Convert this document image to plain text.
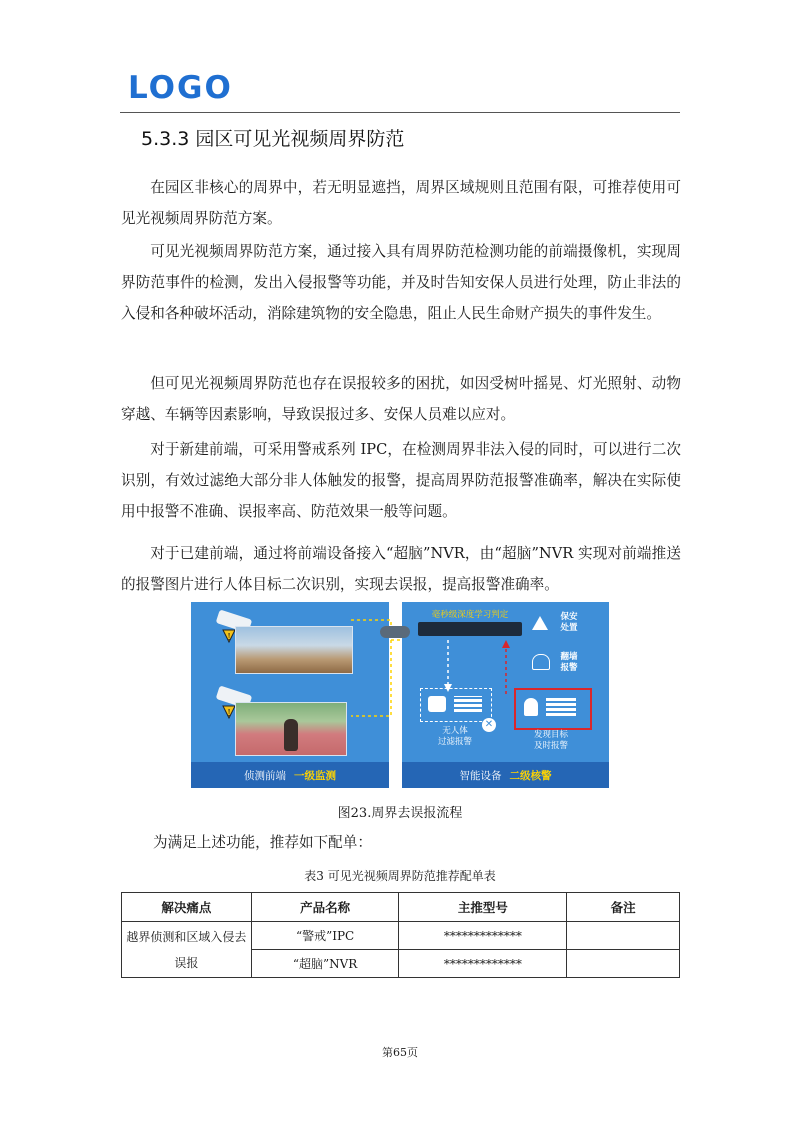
LOGO
5.3.3 园区可见光视频周界防范
在园区非核心的周界中，若无明显遮挡，周界区域规则且范围有限，可推荐使用可见光视频周界防范方案。
可见光视频周界防范方案，通过接入具有周界防范检测功能的前端摄像机，实现周界防范事件的检测，发出入侵报警等功能，并及时告知安保人员进行处理，防止非法的入侵和各种破坏活动，消除建筑物的安全隐患，阻止人民生命财产损失的事件发生。
但可见光视频周界防范也存在误报较多的困扰，如因受树叶摇晃、灯光照射、动物穿越、车辆等因素影响，导致误报过多、安保人员难以应对。
对于新建前端，可采用警戒系列 IPC，在检测周界非法入侵的同时，可以进行二次识别，有效过滤绝大部分非人体触发的报警，提高周界防范报警准确率，解决在实际使用中报警不准确、误报率高、防范效果一般等问题。
对于已建前端，通过将前端设备接入“超脑”NVR，由“超脑”NVR 实现对前端推送的报警图片进行人体目标二次识别，实现去误报，提高报警准确率。
!
!
侦测前端 一级监测
毫秒级深度学习判定
✕
无人体
过滤报警
发现目标
及时报警
保安
处置
翻墙
报警
智能设备 二级核警
图23.周界去误报流程
为满足上述功能，推荐如下配单：
表3 可见光视频周界防范推荐配单表
解决痛点	产品名称	主推型号	备注
越界侦测和区域入侵去误报	“警戒”IPC	*************	
	“超脑”NVR	*************	
第65页
